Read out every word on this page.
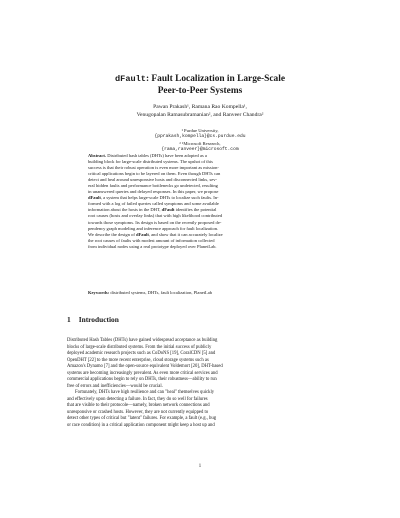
dFault: Fault Localization in Large-Scale
Peer-to-Peer Systems
Pawan Prakash¹, Ramana Rao Kompella¹,
Venugopalan Ramasubramanian², and Ranveer Chandra²
¹ Purdue University,
{pprakash,kompella}@cs.purdue.edu
² ¹Microsoft Research,
{rama,ranveer}@microsoft.com
Abstract. Distributed hash tables (DHTs) have been adopted as a
building block for large-scale distributed systems. The upshot of this
success is that their robust operation is even more important as mission-
critical applications begin to be layered on them. Even though DHTs can
detect and heal around unresponsive hosts and disconnected links, sev-
eral hidden faults and performance bottlenecks go undetected, resulting
in unanswered queries and delayed responses. In this paper, we propose
dFault, a system that helps large-scale DHTs to localize such faults. In-
formed with a log of failed queries called symptoms and some available
information about the hosts in the DHT, dFault identifies the potential
root causes (hosts and overlay links) that with high likelihood contributed
towards those symptoms. Its design is based on the recently proposed de-
pendency graph modeling and inference approach for fault localization.
We describe the design of dFault, and show that it can accurately localize
the root causes of faults with modest amount of information collected
from individual nodes using a real prototype deployed over PlanetLab.
Keywords: distributed systems, DHTs, fault localization, PlanetLab
1 Introduction
Distributed Hash Tables (DHTs) have gained widespread acceptance as building
blocks of large-scale distributed systems. From the initial success of publicly
deployed academic research projects such as CoDoNS [19], CoralCDN [5] and
OpenDHT [22] to the more recent enterprise, cloud storage systems such as
Amazon's Dynamo [7] and the open-source equivalent Voldemort [20], DHT-based
systems are becoming increasingly prevalent. As even more critical services and
commercial applications begin to rely on DHTs, their robustness—ability to run
free of errors and inefficiencies—would be crucial.
Fortunately, DHTs have high resilience and can "heal" themselves quickly
and effectively upon detecting a failure. In fact, they do so well for failures
that are visible to their protocole—namely, broken network connections and
unresponsive or crashed hosts. However, they are not currently equipped to
detect other types of critical but "latent" failures. For example, a fault (e.g., bug
or race condition) in a critical application component might keep a host up and
1
